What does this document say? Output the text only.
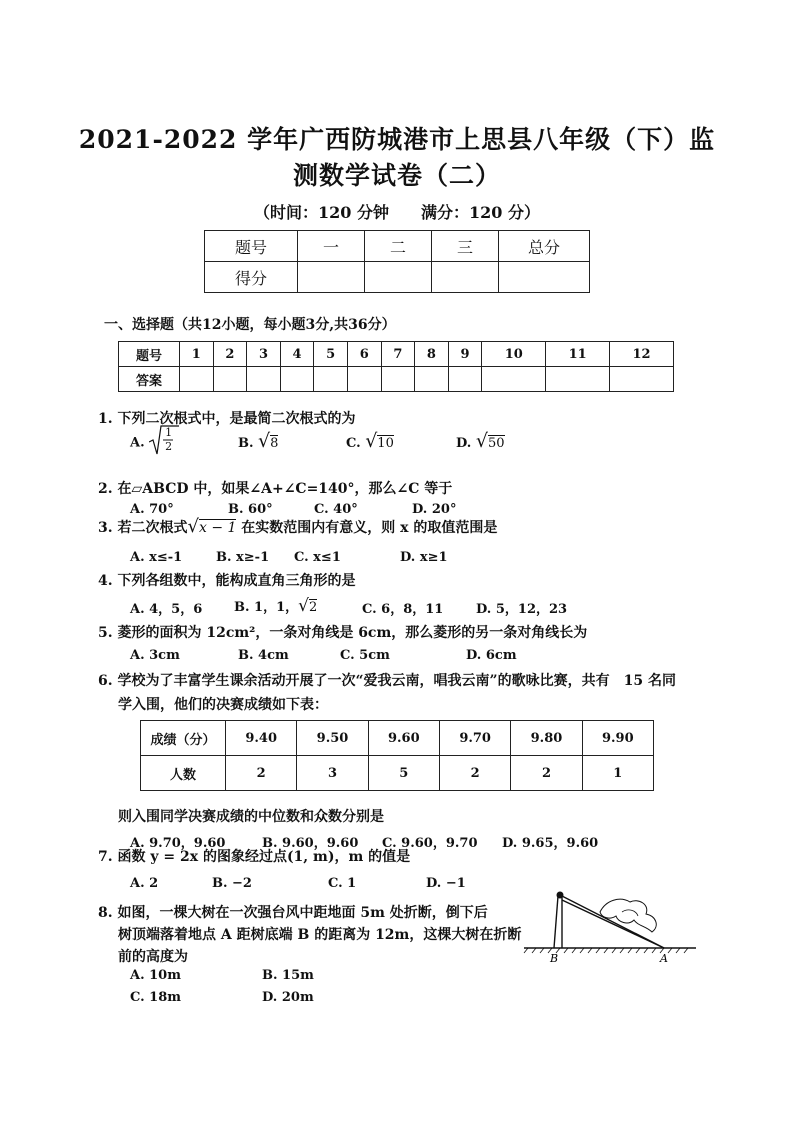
2021-2022 学年广西防城港市上思县八年级（下）监
测数学试卷（二）
（时间：120 分钟　　满分：120 分）
题号	一	二	三	总分
得分				
一、选择题（共12小题，每小题3分,共36分）
题号	1	2	3	4	5	6	7	8	9	10	11	12
答案												
1. 下列二次根式中，是最简二次根式的为
A.
1
2	B. √8	C. √10	D. √50
2. 在▱ABCD 中，如果∠A+∠C=140°，那么∠C 等于
A. 70°	B. 60°	C. 40°	D. 20°
3. 若二次根式√x − 1 在实数范围内有意义，则 x 的取值范围是
A. x≤-1	B. x≥-1 C. x≤1	D. x≥1
4. 下列各组数中，能构成直角三角形的是
A. 4，5，6 B. 1，1，√2	C. 6，8，11	D. 5，12，23
5. 菱形的面积为 12cm²，一条对角线是 6cm，那么菱形的另一条对角线长为
A. 3cm	B. 4cm	C. 5cm	D. 6cm
6. 学校为了丰富学生课余活动开展了一次“爱我云南，唱我云南”的歌咏比赛，共有　15 名同
学入围，他们的决赛成绩如下表：
成绩（分）	9.40	9.50	9.60	9.70	9.80	9.90
人数	2	3	5	2	2	1
则入围同学决赛成绩的中位数和众数分别是
A. 9.70，9.60	B. 9.60，9.60 C. 9.60，9.70 D. 9.65，9.60
7. 函数 y = 2x 的图象经过点(1, m)，m 的值是
A. 2	B. −2	C. 1	D. −1
8. 如图，一棵大树在一次强台风中距地面 5m 处折断，倒下后
树顶端落着地点 A 距树底端 B 的距离为 12m，这棵大树在折断
前的高度为
A. 10m	B. 15m
C. 18m	D. 20m
B	A
